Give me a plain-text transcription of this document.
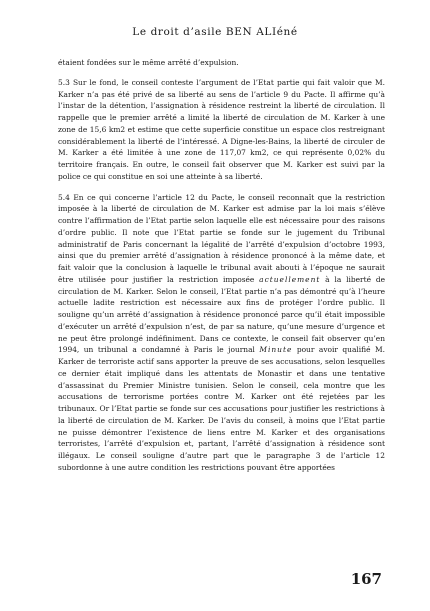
Le droit d’asile BEN ALIéné

étaient fondées sur le même arrêté d’expulsion.

5.3 Sur le fond, le conseil conteste l’argument de l’Etat partie qui fait valoir que M. Karker n’a pas été privé de sa liberté au sens de l’article 9 du Pacte. Il affirme qu’à l’instar de la détention, l’assignation à résidence restreint la liberté de circulation. Il rappelle que le premier arrêté a limité la liberté de circulation de M. Karker à une zone de 15,6 km2 et estime que cette superficie constitue un espace clos restreignant considérablement la liberté de l’intéressé. A Digne-les-Bains, la liberté de circuler de M. Karker a été limitée à une zone de 117,07 km2, ce qui représente 0,02% du territoire français. En outre, le conseil fait observer que M. Karker est suivi par la police ce qui constitue en soi une atteinte à sa liberté.

5.4 En ce qui concerne l’article 12 du Pacte, le conseil reconnaît que la restriction imposée à la liberté de circulation de M. Karker est admise par la loi mais s’élève contre l’affirmation de l’Etat partie selon laquelle elle est nécessaire pour des raisons d’ordre public. Il note que l’Etat partie se fonde sur le jugement du Tribunal administratif de Paris concernant la légalité de l’arrêté d’expulsion d’octobre 1993, ainsi que du premier arrêté d’assignation à résidence prononcé à la même date, et fait valoir que la conclusion à laquelle le tribunal avait abouti à l’époque ne saurait être utilisée pour justifier la restriction imposée actuellement à la liberté de circulation de M. Karker. Selon le conseil, l’Etat partie n’a pas démontré qu’à l’heure actuelle ladite restriction est nécessaire aux fins de protéger l’ordre public. Il souligne qu’un arrêté d’assignation à résidence prononcé parce qu’il était impossible d’exécuter un arrêté d’expulsion n’est, de par sa nature, qu’une mesure d’urgence et ne peut être prolongé indéfiniment. Dans ce contexte, le conseil fait observer qu’en 1994, un tribunal a condamné à Paris le journal Minute pour avoir qualifié M. Karker de terroriste actif sans apporter la preuve de ses accusations, selon lesquelles ce dernier était impliqué dans les attentats de Monastir et dans une tentative d’assassinat du Premier Ministre tunisien. Selon le conseil, cela montre que les accusations de terrorisme portées contre M. Karker ont été rejetées par les tribunaux. Or l’Etat partie se fonde sur ces accusations pour justifier les restrictions à la liberté de circulation de M. Karker. De l’avis du conseil, à moins que l’Etat partie ne puisse démontrer l’existence de liens entre M. Karker et des organisations terroristes, l’arrêté d’expulsion et, partant, l’arrêté d’assignation à résidence sont illégaux. Le conseil souligne d’autre part que le paragraphe 3 de l’article 12 subordonne à une autre condition les restrictions pouvant être apportées

167
